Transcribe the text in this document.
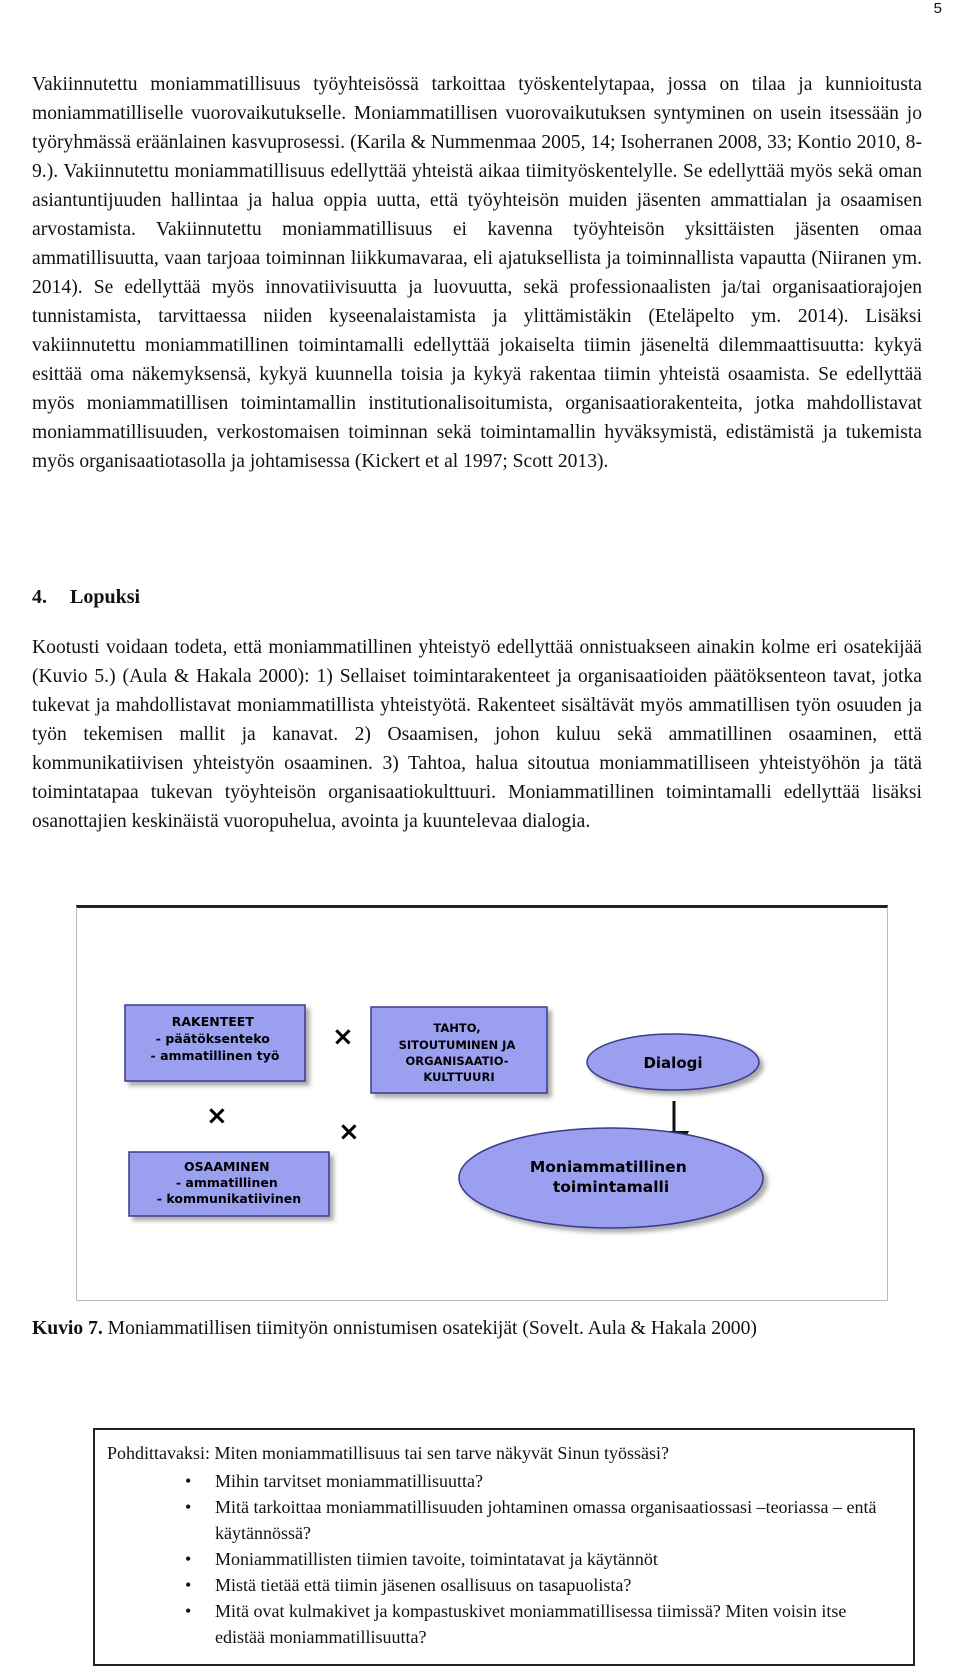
5

Vakiinnutettu moniammatillisuus työyhteisössä tarkoittaa työskentelytapaa, jossa on tilaa ja kunnioitusta moniammatilliselle vuorovaikutukselle. Moniammatillisen vuorovaikutuksen syntyminen on usein itsessään jo työryhmässä eräänlainen kasvuprosessi. (Karila & Nummenmaa 2005, 14; Isoherranen 2008, 33; Kontio 2010, 8-9.). Vakiinnutettu moniammatillisuus edellyttää yhteistä aikaa tiimityöskentelylle. Se edellyttää myös sekä oman asiantuntijuuden hallintaa ja halua oppia uutta, että työyhteisön muiden jäsenten ammattialan ja osaamisen arvostamista. Vakiinnutettu moniammatillisuus ei kavenna työyhteisön yksittäisten jäsenten omaa ammatillisuutta, vaan tarjoaa toiminnan liikkumavaraa, eli ajatuksellista ja toiminnallista vapautta (Niiranen ym. 2014). Se edellyttää myös innovatiivisuutta ja luovuutta, sekä professionaalisten ja/tai organisaatiorajojen tunnistamista, tarvittaessa niiden kyseenalaistamista ja ylittämistäkin (Eteläpelto ym. 2014). Lisäksi vakiinnutettu moniammatillinen toimintamalli edellyttää jokaiselta tiimin jäseneltä dilemmaattisuutta: kykyä esittää oma näkemyksensä, kykyä kuunnella toisia ja kykyä rakentaa tiimin yhteistä osaamista. Se edellyttää myös moniammatillisen toimintamallin institutionalisoitumista, organisaatiorakenteita, jotka mahdollistavat moniammatillisuuden, verkostomaisen toiminnan sekä toimintamallin hyväksymistä, edistämistä ja tukemista myös organisaatiotasolla ja johtamisessa (Kickert et al 1997; Scott 2013).

4. Lopuksi

Kootusti voidaan todeta, että moniammatillinen yhteistyö edellyttää onnistuakseen ainakin kolme eri osatekijää (Kuvio 5.) (Aula & Hakala 2000): 1) Sellaiset toimintarakenteet ja organisaatioiden päätöksenteon tavat, jotka tukevat ja mahdollistavat moniammatillista yhteistyötä. Rakenteet sisältävät myös ammatillisen työn osuuden ja työn tekemisen mallit ja kanavat. 2) Osaamisen, johon kuluu sekä ammatillinen osaaminen, että kommunikatiivisen yhteistyön osaaminen. 3) Tahtoa, halua sitoutua moniammatilliseen yhteistyöhön ja tätä toimintatapaa tukevan työyhteisön organisaatiokulttuuri. Moniammatillinen toimintamalli edellyttää lisäksi osanottajien keskinäistä vuoropuhelua, avointa ja kuuntelevaa dialogia.

RAKENTEET - päätöksenteko - ammatillinen työ
TAHTO, SITOUTUMINEN JA ORGANISAATIO- KULTTUURI
Dialogi
OSAAMINEN - ammatillinen - kommunikatiivinen
Moniammatillinen toimintamalli
×
×
×

Kuvio 7. Moniammatillisen tiimityön onnistumisen osatekijät (Sovelt. Aula & Hakala 2000)

Pohdittavaksi: Miten moniammatillisuus tai sen tarve näkyvät Sinun työssäsi?
• Mihin tarvitset moniammatillisuutta?
• Mitä tarkoittaa moniammatillisuuden johtaminen omassa organisaatiossasi –teoriassa – entä käytännössä?
• Moniammatillisten tiimien tavoite, toimintatavat ja käytännöt
• Mistä tietää että tiimin jäsenen osallisuus on tasapuolista?
• Mitä ovat kulmakivet ja kompastuskivet moniammatillisessa tiimissä? Miten voisin itse edistää moniammatillisuutta?
